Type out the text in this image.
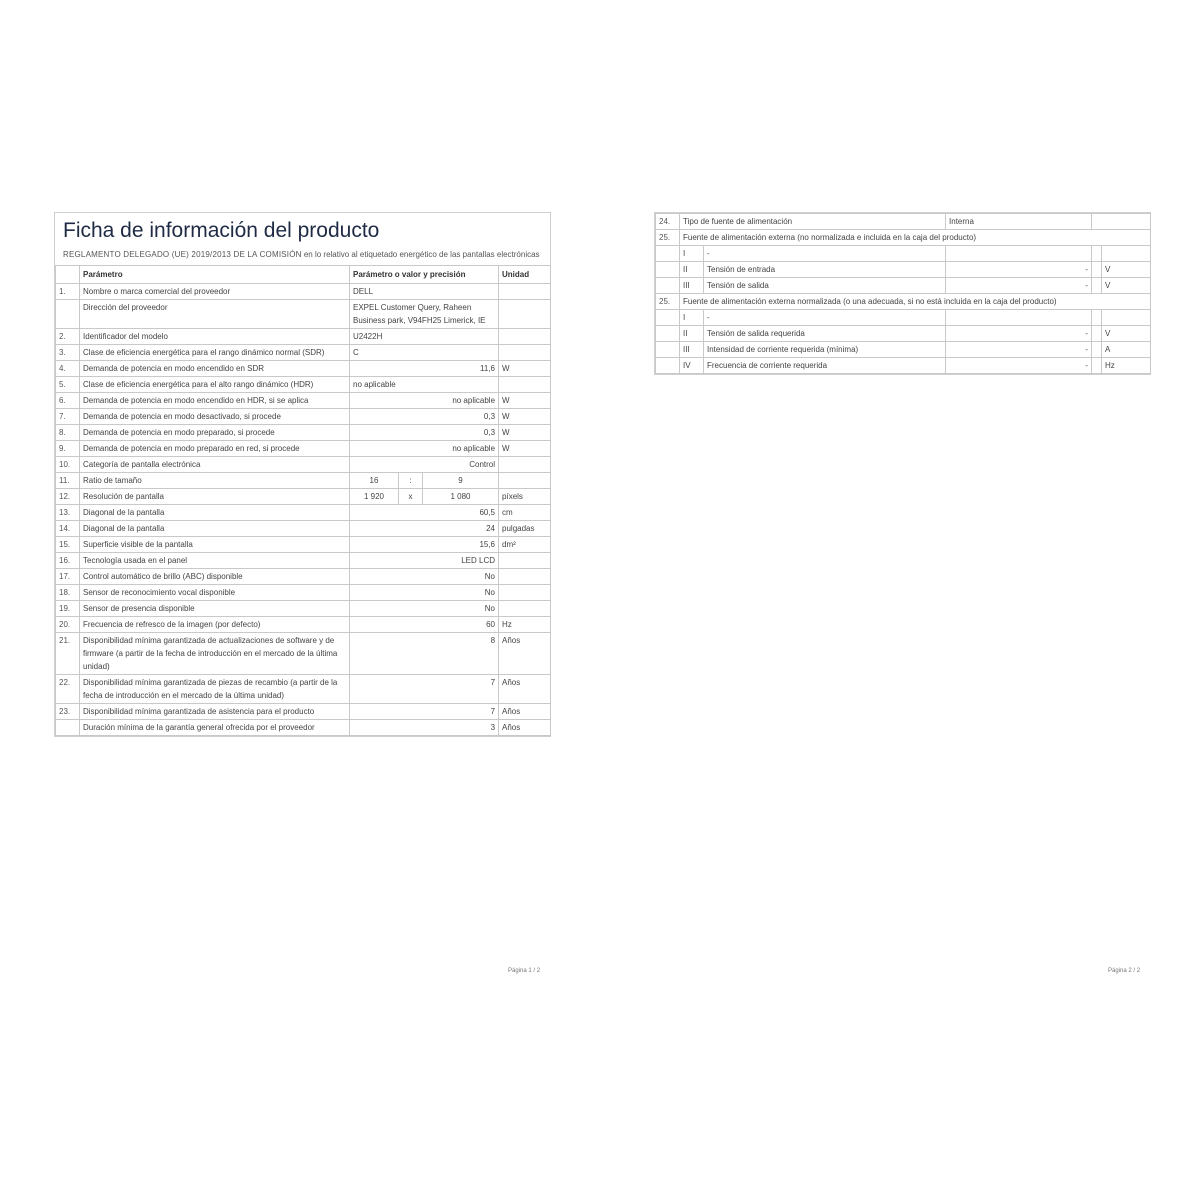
Ficha de información del producto
REGLAMENTO DELEGADO (UE) 2019/2013 DE LA COMISIÓN en lo relativo al etiquetado energético de las pantallas electrónicas
	Parámetro	Parámetro o valor y precisión			Unidad
1.	Nombre o marca comercial del proveedor	DELL			
	Dirección del proveedor	EXPEL Customer Query, Raheen Business park, V94FH25 Limerick, IE			
2.	Identificador del modelo	U2422H			
3.	Clase de eficiencia energética para el rango dinámico normal (SDR)	C			
4.	Demanda de potencia en modo encendido en SDR	11,6			W
5.	Clase de eficiencia energética para el alto rango dinámico (HDR)	no aplicable			
6.	Demanda de potencia en modo encendido en HDR, si se aplica	no aplicable			W
7.	Demanda de potencia en modo desactivado, si procede	0,3			W
8.	Demanda de potencia en modo preparado, si procede	0,3			W
9.	Demanda de potencia en modo preparado en red, si procede	no aplicable			W
10.	Categoría de pantalla electrónica	Control			
11.	Ratio de tamaño	16	:	9	
12.	Resolución de pantalla	1 920	x	1 080	píxels
13.	Diagonal de la pantalla	60,5			cm
14.	Diagonal de la pantalla	24			pulgadas
15.	Superficie visible de la pantalla	15,6			dm²
16.	Tecnología usada en el panel	LED LCD			
17.	Control automático de brillo (ABC) disponible	No			
18.	Sensor de reconocimiento vocal disponible	No			
19.	Sensor de presencia disponible	No			
20.	Frecuencia de refresco de la imagen (por defecto)	60			Hz
21.	Disponibilidad mínima garantizada de actualizaciones de software y de firmware (a partir de la fecha de introducción en el mercado de la última unidad)	8			Años
22.	Disponibilidad mínima garantizada de piezas de recambio (a partir de la fecha de introducción en el mercado de la última unidad)	7			Años
23.	Disponibilidad mínima garantizada de asistencia para el producto	7			Años
	Duración mínima de la garantía general ofrecida por el proveedor	3			Años
Página 1 / 2
24.	Tipo de fuente de alimentación		Interna		
25.	Fuente de alimentación externa (no normalizada e incluida en la caja del producto)				
	I	-			
	II	Tensión de entrada	-		V
	III	Tensión de salida	-		V
25.	Fuente de alimentación externa normalizada (o una adecuada, si no está incluida en la caja del producto)				
	I	-			
	II	Tensión de salida requerida	-		V
	III	Intensidad de corriente requerida (mínima)	-		A
	IV	Frecuencia de corriente requerida	-		Hz
Página 2 / 2
